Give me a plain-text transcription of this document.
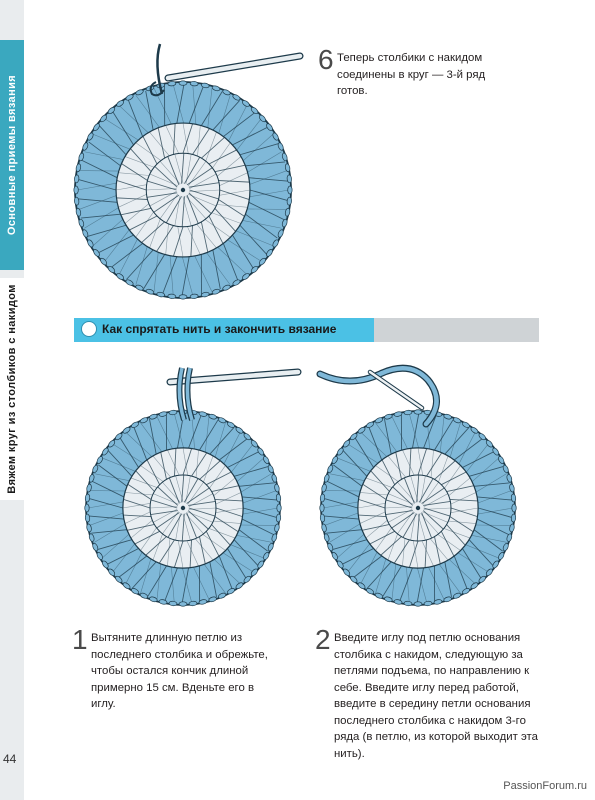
Основные приемы вязания
Вяжем круг из столбиков с накидом
44
6 Теперь столбики с накидом соединены в круг — 3-й ряд готов.
Как спрятать нить и закончить вязание
1 Вытяните длинную петлю из последнего столбика и обрежьте, чтобы остался кончик длиной примерно 15 см. Вденьте его в иглу.
2 Введите иглу под петлю основания столбика с накидом, следующую за петлями подъема, по направлению к себе. Введите иглу перед работой, введите в середину петли основания последнего столбика с накидом 3-го ряда (в петлю, из которой выходит эта нить).
PassionForum.ru
